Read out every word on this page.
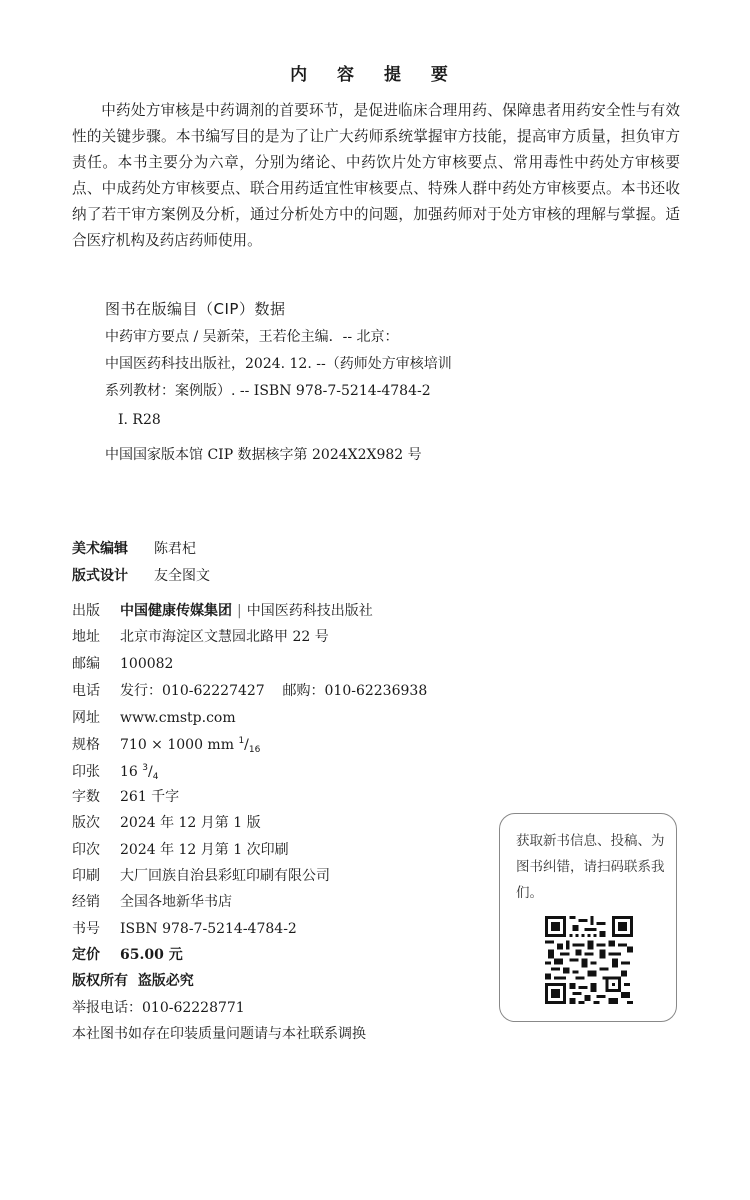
内 容 提 要
中药处方审核是中药调剂的首要环节，是促进临床合理用药、保障患者用药安全性与有效性的关键步骤。本书编写目的是为了让广大药师系统掌握审方技能，提高审方质量，担负审方责任。本书主要分为六章，分别为绪论、中药饮片处方审核要点、常用毒性中药处方审核要点、中成药处方审核要点、联合用药适宜性审核要点、特殊人群中药处方审核要点。本书还收纳了若干审方案例及分析，通过分析处方中的问题，加强药师对于处方审核的理解与掌握。适合医疗机构及药店药师使用。
图书在版编目（CIP）数据
中药审方要点 / 吴新荣，王若伦主编．-- 北京：
中国医药科技出版社，2024. 12. --（药师处方审核培训
系列教材：案例版）. -- ISBN 978-7-5214-4784-2
Ⅰ. R28
中国国家版本馆 CIP 数据核字第 2024X2X982 号
美术编辑 陈君杞
版式设计 友全图文
出版 中国健康传媒集团 | 中国医药科技出版社
地址 北京市海淀区文慧园北路甲 22 号
邮编 100082
电话 发行：010-62227427    邮购：010-62236938
网址 www.cmstp.com
规格 710 × 1000 mm $^1/_{16}$
印张 16 $^3/_4$
字数 261 千字
版次 2024 年 12 月第 1 版
印次 2024 年 12 月第 1 次印刷
印刷 大厂回族自治县彩虹印刷有限公司
经销 全国各地新华书店
书号 ISBN 978-7-5214-4784-2
定价 65.00 元
版权所有  盗版必究
举报电话：010-62228771
本社图书如存在印装质量问题请与本社联系调换
获取新书信息、投稿、为图书纠错，请扫码联系我们。
